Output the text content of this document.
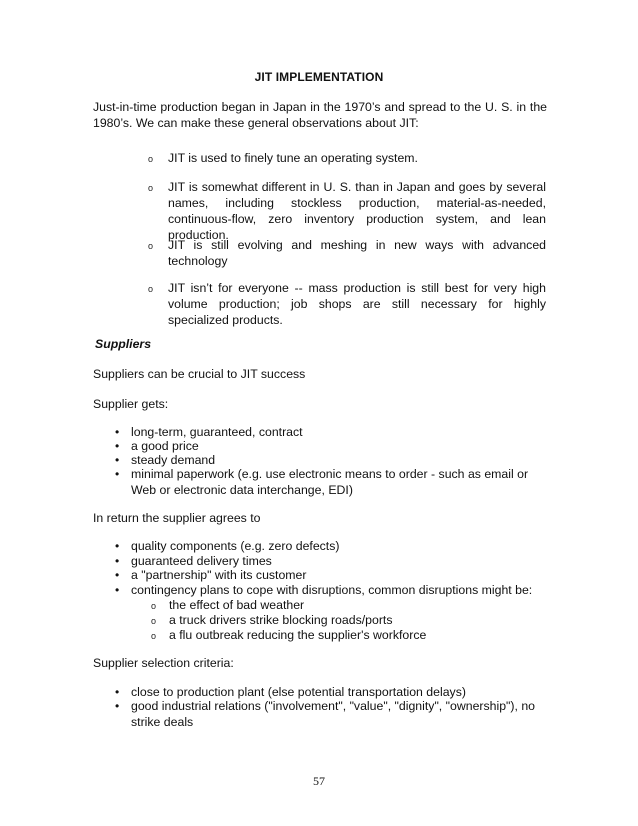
JIT IMPLEMENTATION
Just-in-time production began in Japan in the 1970’s and spread to the U. S. in the 1980’s. We can make these general observations about JIT:
o JIT is used to finely tune an operating system.
o JIT is somewhat different in U. S. than in Japan and goes by several names, including stockless production, material-as-needed, continuous-flow, zero inventory production system, and lean production.
o JIT is still evolving and meshing in new ways with advanced technology
o JIT isn’t for everyone -- mass production is still best for very high volume production; job shops are still necessary for highly specialized products.
Suppliers
Suppliers can be crucial to JIT success
Supplier gets:
• long-term, guaranteed, contract
• a good price
• steady demand
• minimal paperwork (e.g. use electronic means to order - such as email or Web or electronic data interchange, EDI)
In return the supplier agrees to
• quality components (e.g. zero defects)
• guaranteed delivery times
• a "partnership" with its customer
• contingency plans to cope with disruptions, common disruptions might be:
o the effect of bad weather
o a truck drivers strike blocking roads/ports
o a flu outbreak reducing the supplier's workforce
Supplier selection criteria:
• close to production plant (else potential transportation delays)
• good industrial relations ("involvement", "value", "dignity", "ownership"), no strike deals
57
